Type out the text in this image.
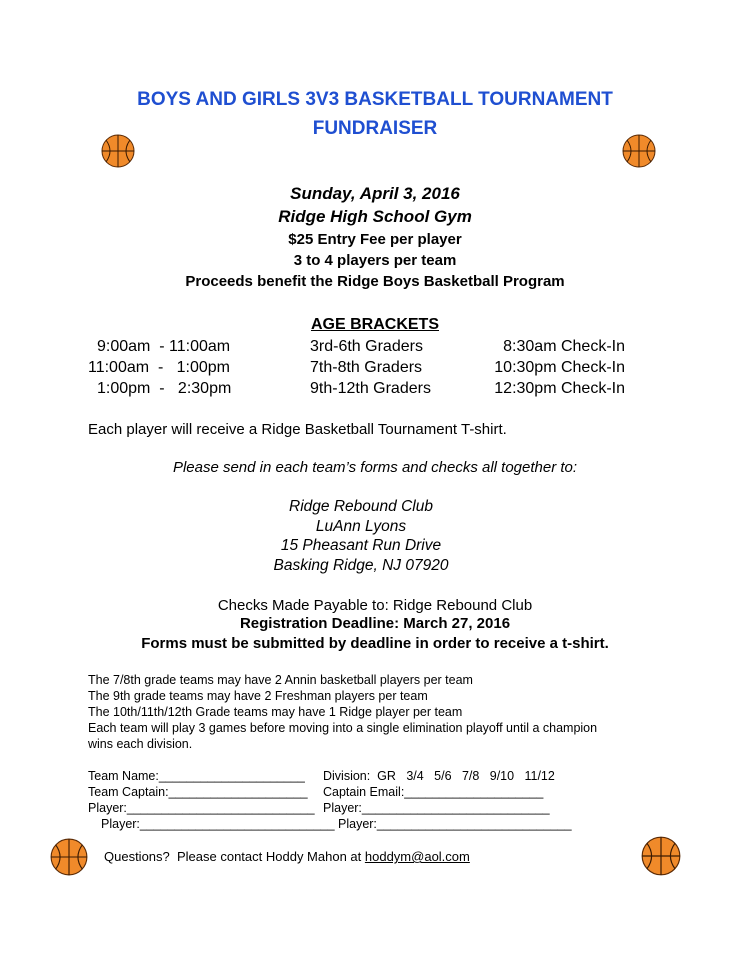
BOYS AND GIRLS 3V3 BASKETBALL TOURNAMENT
FUNDRAISER
Sunday, April 3, 2016
Ridge High School Gym
$25 Entry Fee per player
3 to 4 players per team
Proceeds benefit the Ridge Boys Basketball Program
AGE BRACKETS
9:00am  - 11:00am	3rd-6th Graders	8:30am Check-In
11:00am  -   1:00pm	7th-8th Graders	10:30pm Check-In
1:00pm  -   2:30pm	9th-12th Graders	12:30pm Check-In
Each player will receive a Ridge Basketball Tournament T-shirt.
Please send in each team’s forms and checks all together to:
Ridge Rebound Club
LuAnn Lyons
15 Pheasant Run Drive
Basking Ridge, NJ 07920
Checks Made Payable to: Ridge Rebound Club
Registration Deadline: March 27, 2016
Forms must be submitted by deadline in order to receive a t-shirt.
The 7/8th grade teams may have 2 Annin basketball players per team
The 9th grade teams may have 2 Freshman players per team
The 10th/11th/12th Grade teams may have 1 Ridge player per team
Each team will play 3 games before moving into a single elimination playoff until a champion
wins each division.
Team Name:_____________________ Division:  GR   3/4   5/6   7/8   9/10   11/12
Team Captain:____________________ Captain Email:____________________
Player:___________________________ Player:___________________________
Player:____________________________ Player:____________________________
Questions?  Please contact Hoddy Mahon at hoddym@aol.com
